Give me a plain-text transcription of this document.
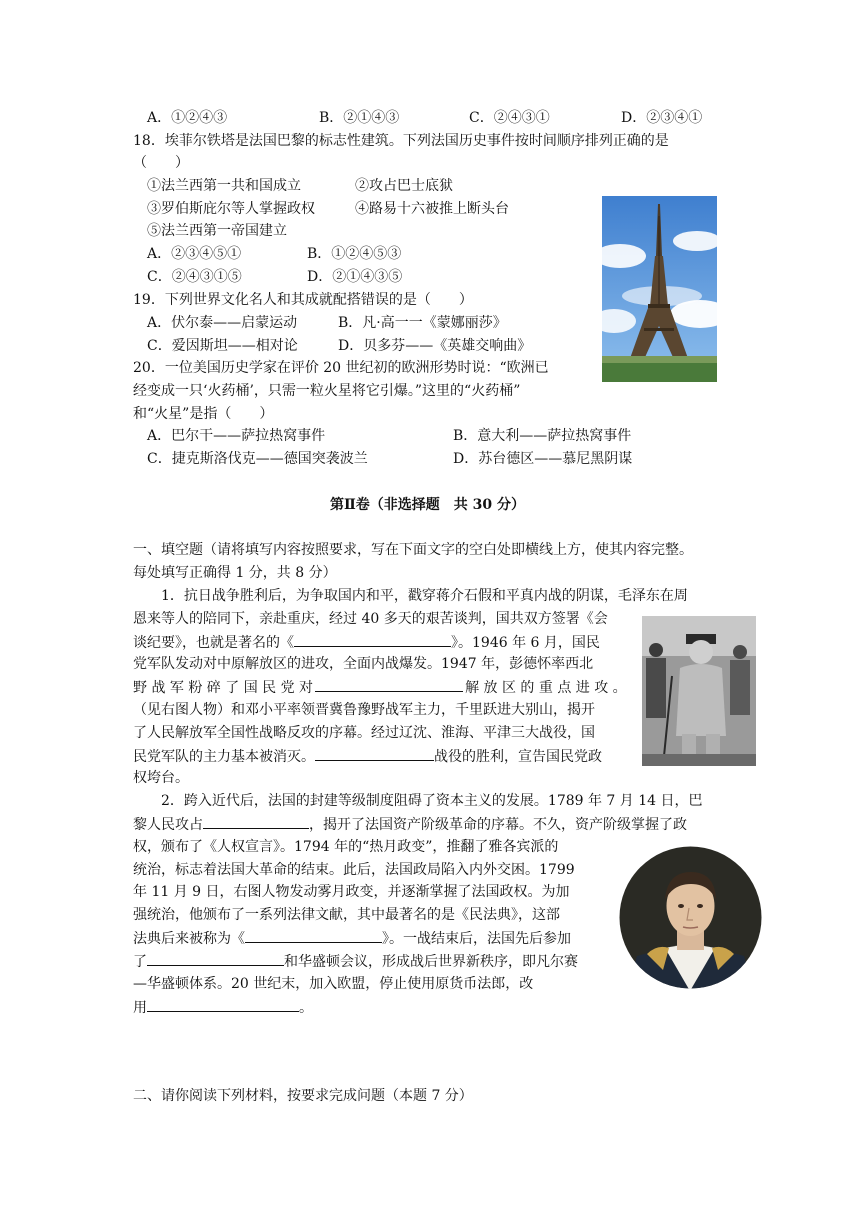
A．①②④③	B．②①④③	C．②④③①	D．②③④①
18．埃菲尔铁塔是法国巴黎的标志性建筑。下列法国历史事件按时间顺序排列正确的是
（　　）
①法兰西第一共和国成立	②攻占巴士底狱
③罗伯斯庇尔等人掌握政权	④路易十六被推上断头台
⑤法兰西第一帝国建立
A．②③④⑤①	B．①②④⑤③
C．②④③①⑤	D．②①④③⑤
19．下列世界文化名人和其成就配搭错误的是（　　）
A．伏尔泰——启蒙运动	B．凡·高一一《蒙娜丽莎》
C．爱因斯坦——相对论	D．贝多芬——《英雄交响曲》
20．一位美国历史学家在评价 20 世纪初的欧洲形势时说：“欧洲已
经变成一只‘火药桶’，只需一粒火星将它引爆。”这里的“火药桶”
和“火星”是指（　　）
A．巴尔干——萨拉热窝事件	B．意大利——萨拉热窝事件
C．捷克斯洛伐克——德国突袭波兰	D．苏台德区——慕尼黑阴谋
第Ⅱ卷（非选择题　共 30 分）
一、填空题（请将填写内容按照要求，写在下面文字的空白处即横线上方，使其内容完整。
每处填写正确得 1 分，共 8 分）
1．抗日战争胜利后，为争取国内和平，戳穿蒋介石假和平真内战的阴谋，毛泽东在周
恩来等人的陪同下，亲赴重庆，经过 40 多天的艰苦谈判，国共双方签署《会
谈纪要》，也就是著名的《	》。1946 年 6 月，国民
党军队发动对中原解放区的进攻，全面内战爆发。1947 年，彭德怀率西北
野 战 军 粉 碎 了 国 民 党 对	解 放 区 的 重 点 进 攻 。
（见右图人物）和邓小平率领晋冀鲁豫野战军主力，千里跃进大别山，揭开
了人民解放军全国性战略反攻的序幕。经过辽沈、淮海、平津三大战役，国
民党军队的主力基本被消灭。	战役的胜利，宣告国民党政
权垮台。
2．跨入近代后，法国的封建等级制度阻碍了资本主义的发展。1789 年 7 月 14 日，巴
黎人民攻占	，揭开了法国资产阶级革命的序幕。不久，资产阶级掌握了政
权，颁布了《人权宣言》。1794 年的“热月政变”，推翻了雅各宾派的
统治，标志着法国大革命的结束。此后，法国政局陷入内外交困。1799
年 11 月 9 日，右图人物发动雾月政变，并逐渐掌握了法国政权。为加
强统治，他颁布了一系列法律文献，其中最著名的是《民法典》，这部
法典后来被称为《	》。一战结束后，法国先后参加
了	和华盛顿会议，形成战后世界新秩序，即凡尔赛
—华盛顿体系。20 世纪末，加入欧盟，停止使用原货币法郎，改
用	。
二、请你阅读下列材料，按要求完成问题（本题 7 分）
